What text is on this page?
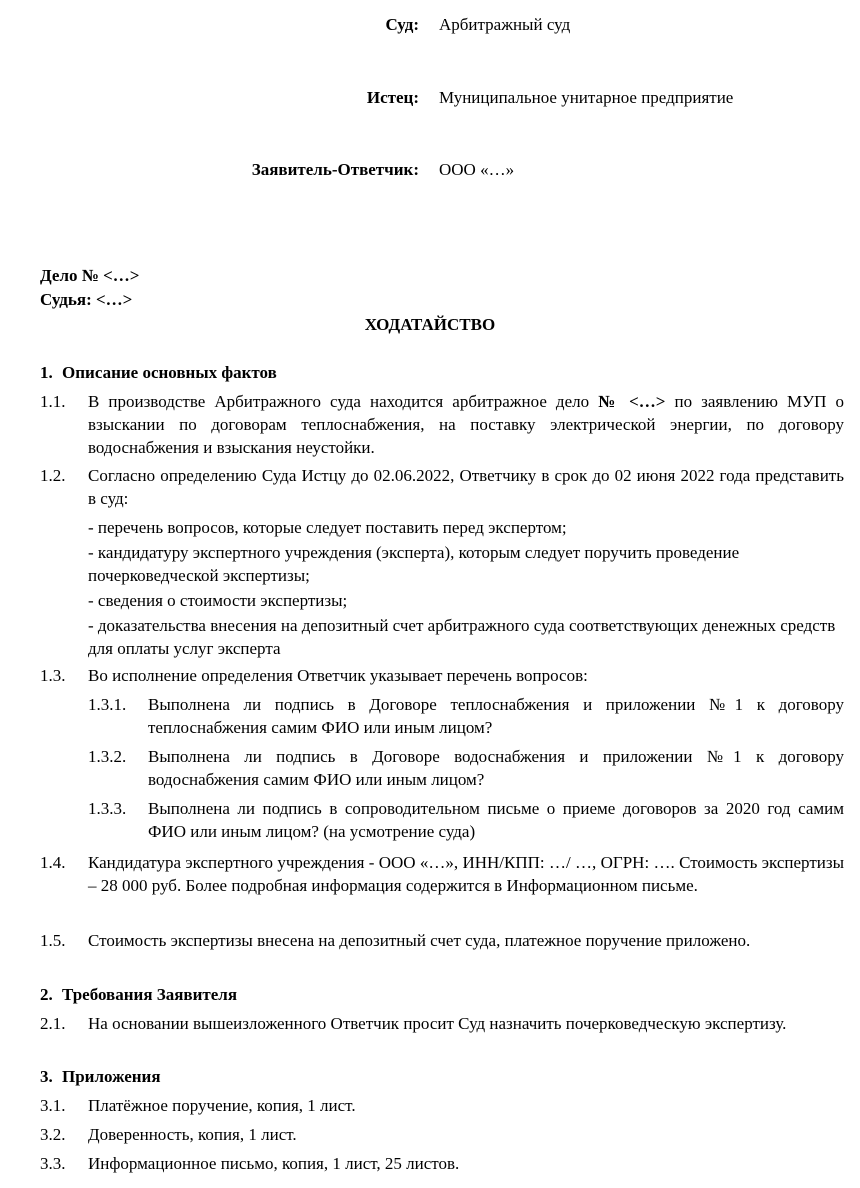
Суд: Арбитражный суд
Истец: Муниципальное унитарное предприятие
Заявитель-Ответчик: ООО «…»
Дело № <…>
Судья: <…>
ХОДАТАЙСТВО
1. Описание основных фактов
1.1. В производстве Арбитражного суда находится арбитражное дело № <…> по заявлению МУП о взыскании по договорам теплоснабжения, на поставку электрической энергии, по договору водоснабжения и взыскания неустойки.
1.2. Согласно определению Суда Истцу до 02.06.2022, Ответчику в срок до 02 июня 2022 года представить в суд:
- перечень вопросов, которые следует поставить перед экспертом;
- кандидатуру экспертного учреждения (эксперта), которым следует поручить проведение почерковедческой экспертизы;
- сведения о стоимости экспертизы;
- доказательства внесения на депозитный счет арбитражного суда соответствующих денежных средств для оплаты услуг эксперта
1.3. Во исполнение определения Ответчик указывает перечень вопросов:
1.3.1. Выполнена ли подпись в Договоре теплоснабжения и приложении №1 к договору теплоснабжения самим ФИО или иным лицом?
1.3.2. Выполнена ли подпись в Договоре водоснабжения и приложении №1 к договору водоснабжения самим ФИО или иным лицом?
1.3.3. Выполнена ли подпись в сопроводительном письме о приеме договоров за 2020 год самим ФИО или иным лицом? (на усмотрение суда)
1.4. Кандидатура экспертного учреждения - ООО «…», ИНН/КПП: …/ …, ОГРН: …. Стоимость экспертизы – 28 000 руб. Более подробная информация содержится в Информационном письме.
1.5. Стоимость экспертизы внесена на депозитный счет суда, платежное поручение приложено.
2. Требования Заявителя
2.1. На основании вышеизложенного Ответчик просит Суд назначить почерковедческую экспертизу.
3. Приложения
3.1. Платёжное поручение, копия, 1 лист.
3.2. Доверенность, копия, 1 лист.
3.3. Информационное письмо, копия, 1 лист, 25 листов.
